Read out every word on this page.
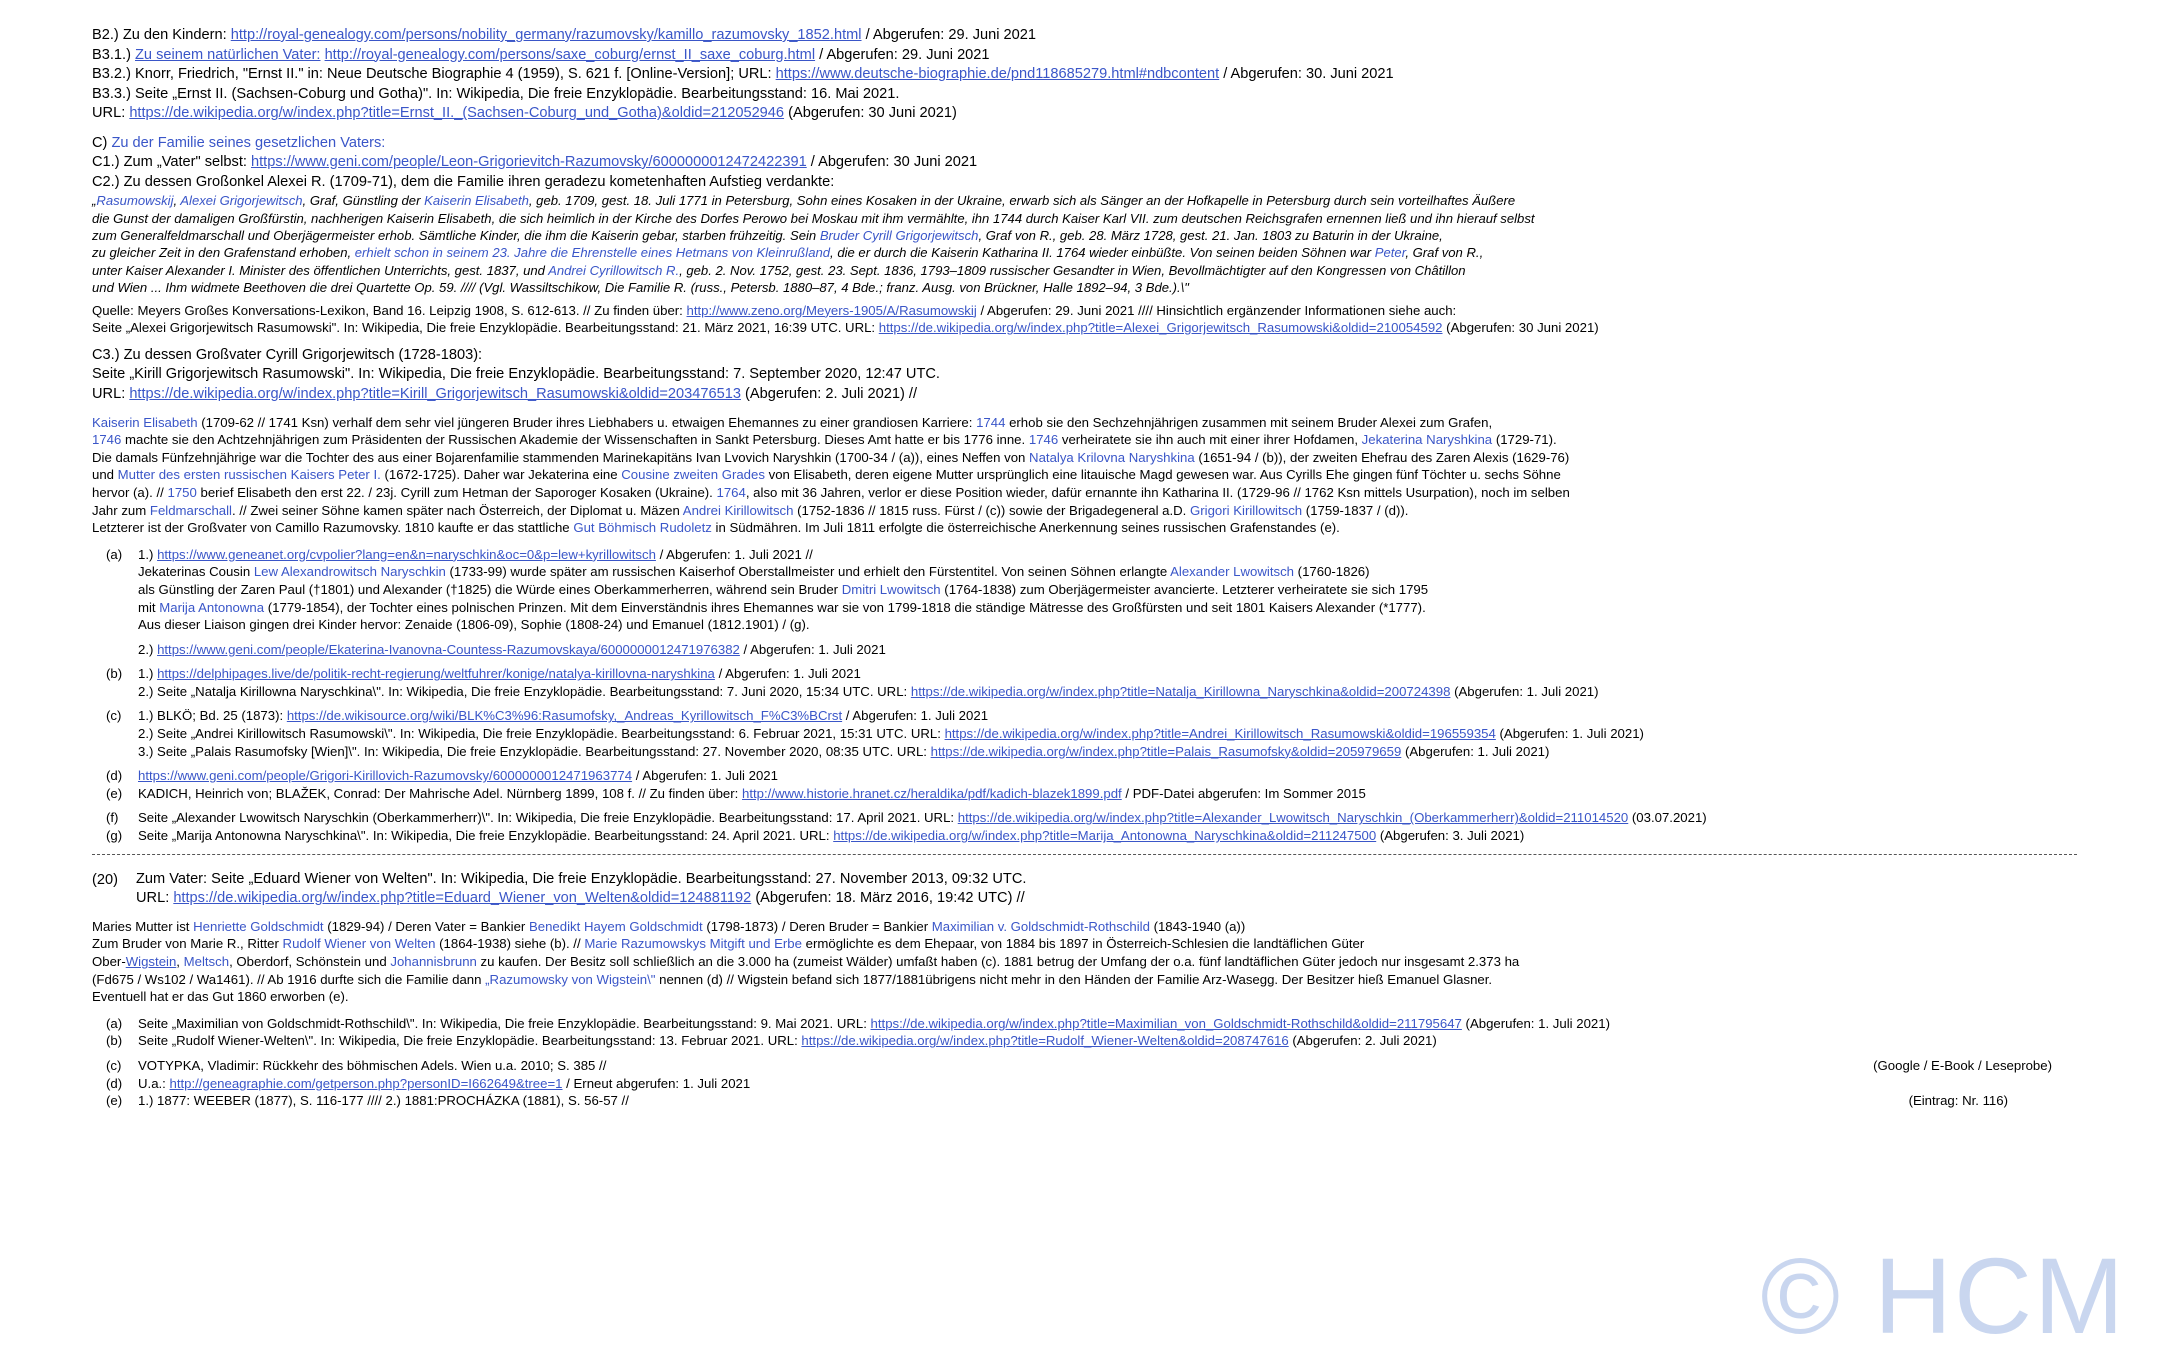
B2.) Zu den Kindern: http://royal-genealogy.com/persons/nobility_germany/razumovsky/kamillo_razumovsky_1852.html / Abgerufen: 29. Juni 2021
B3.1.) Zu seinem natürlichen Vater: http://royal-genealogy.com/persons/saxe_coburg/ernst_II_saxe_coburg.html / Abgerufen: 29. Juni 2021
B3.2.) Knorr, Friedrich, "Ernst II." in: Neue Deutsche Biographie 4 (1959), S. 621 f. [Online-Version]; URL: https://www.deutsche-biographie.de/pnd118685279.html#ndbcontent / Abgerufen: 30. Juni 2021
B3.3.) Seite „Ernst II. (Sachsen-Coburg und Gotha)". In: Wikipedia, Die freie Enzyklopädie. Bearbeitungsstand: 16. Mai 2021.
URL: https://de.wikipedia.org/w/index.php?title=Ernst_II._(Sachsen-Coburg_und_Gotha)&oldid=212052946 (Abgerufen: 30 Juni 2021)
C) Zu der Familie seines gesetzlichen Vaters:
C1.) Zum „Vater" selbst: https://www.geni.com/people/Leon-Grigorievitch-Razumovsky/6000000012472422391 / Abgerufen: 30 Juni 2021
C2.) Zu dessen Großonkel Alexei R. (1709-71), dem die Familie ihren geradezu kometenhaften Aufstieg verdankte:
„Rasumowskij, Alexei Grigorjewitsch, Graf, Günstling der Kaiserin Elisabeth, geb. 1709, gest. 18. Juli 1771 in Petersburg, Sohn eines Kosaken in der Ukraine, erwarb sich als Sänger an der Hofkapelle in Petersburg durch sein vorteilhaftes Äußere
die Gunst der damaligen Großfürstin, nachherigen Kaiserin Elisabeth, die sich heimlich in der Kirche des Dorfes Perowo bei Moskau mit ihm vermählte, ihn 1744 durch Kaiser Karl VII. zum deutschen Reichsgrafen ernennen ließ und ihn hierauf selbst
zum Generalfeldmarschall und Oberjägermeister erhob. Sämtliche Kinder, die ihm die Kaiserin gebar, starben frühzeitig. Sein Bruder Cyrill Grigorjewitsch, Graf von R., geb. 28. März 1728, gest. 21. Jan. 1803 zu Baturin in der Ukraine,
zu gleicher Zeit in den Grafenstand erhoben, erhielt schon in seinem 23. Jahre die Ehrenstelle eines Hetmans von Kleinrußland, die er durch die Kaiserin Katharina II. 1764 wieder einbüßte. Von seinen beiden Söhnen war Peter, Graf von R.,
unter Kaiser Alexander I. Minister des öffentlichen Unterrichts, gest. 1837, und Andrei Cyrillowitsch R., geb. 2. Nov. 1752, gest. 23. Sept. 1836, 1793–1809 russischer Gesandter in Wien, Bevollmächtigter auf den Kongressen von Châtillon
und Wien ... Ihm widmete Beethoven die drei Quartette Op. 59. //// (Vgl. Wassiltschikow, Die Familie R. (russ., Petersb. 1880–87, 4 Bde.; franz. Ausg. von Brückner, Halle 1892–94, 3 Bde.).\"
Quelle: Meyers Großes Konversations-Lexikon, Band 16. Leipzig 1908, S. 612-613. // Zu finden über: http://www.zeno.org/Meyers-1905/A/Rasumowskij / Abgerufen: 29. Juni 2021 //// Hinsichtlich ergänzender Informationen siehe auch:
Seite „Alexei Grigorjewitsch Rasumowski". In: Wikipedia, Die freie Enzyklopädie. Bearbeitungsstand: 21. März 2021, 16:39 UTC. URL: https://de.wikipedia.org/w/index.php?title=Alexei_Grigorjewitsch_Rasumowski&oldid=210054592 (Abgerufen: 30 Juni 2021)
C3.) Zu dessen Großvater Cyrill Grigorjewitsch (1728-1803):
Seite „Kirill Grigorjewitsch Rasumowski". In: Wikipedia, Die freie Enzyklopädie. Bearbeitungsstand: 7. September 2020, 12:47 UTC.
URL: https://de.wikipedia.org/w/index.php?title=Kirill_Grigorjewitsch_Rasumowski&oldid=203476513 (Abgerufen: 2. Juli 2021) //
Kaiserin Elisabeth (1709-62 // 1741 Ksn) verhalf dem sehr viel jüngeren Bruder ihres Liebhabers u. etwaigen Ehemannes zu einer grandiosen Karriere: 1744 erhob sie den Sechzehnjährigen zusammen mit seinem Bruder Alexei zum Grafen,
1746 machte sie den Achtzehnjährigen zum Präsidenten der Russischen Akademie der Wissenschaften in Sankt Petersburg. Dieses Amt hatte er bis 1776 inne. 1746 verheiratete sie ihn auch mit einer ihrer Hofdamen, Jekaterina Naryshkina (1729-71).
Die damals Fünfzehnjährige war die Tochter des aus einer Bojarenfamilie stammenden Marinekapitäns Ivan Lvovich Naryshkin (1700-34 / (a)), eines Neffen von Natalya Krilovna Naryshkina (1651-94 / (b)), der zweiten Ehefrau des Zaren Alexis (1629-76)
und Mutter des ersten russischen Kaisers Peter I. (1672-1725). Daher war Jekaterina eine Cousine zweiten Grades von Elisabeth, deren eigene Mutter ursprünglich eine litauische Magd gewesen war. Aus Cyrills Ehe gingen fünf Töchter u. sechs Söhne
hervor (a). // 1750 berief Elisabeth den erst 22. / 23j. Cyrill zum Hetman der Saporoger Kosaken (Ukraine). 1764, also mit 36 Jahren, verlor er diese Position wieder, dafür ernannte ihn Katharina II. (1729-96 // 1762 Ksn mittels Usurpation), noch im selben
Jahr zum Feldmarschall. // Zwei seiner Söhne kamen später nach Österreich, der Diplomat u. Mäzen Andrei Kirillowitsch (1752-1836 // 1815 russ. Fürst / (c)) sowie der Brigadegeneral a.D. Grigori Kirillowitsch (1759-1837 / (d)).
Letzterer ist der Großvater von Camillo Razumovsky. 1810 kaufte er das stattliche Gut Böhmisch Rudoletz in Südmähren. Im Juli 1811 erfolgte die österreichische Anerkennung seines russischen Grafenstandes (e).
(a)	1.) https://www.geneanet.org/cvpolier?lang=en&n=naryschkin&oc=0&p=lew+kyrillowitsch / Abgerufen: 1. Juli 2021 //
Jekaterinas Cousin Lew Alexandrowitsch Naryschkin (1733-99) wurde später am russischen Kaiserhof Oberstallmeister und erhielt den Fürstentitel. Von seinen Söhnen erlangte Alexander Lwowitsch (1760-1826)
als Günstling der Zaren Paul (†1801) und Alexander (†1825) die Würde eines Oberkammerherren, während sein Bruder Dmitri Lwowitsch (1764-1838) zum Oberjägermeister avancierte. Letzterer verheiratete sie sich 1795
mit Marija Antonowna (1779-1854), der Tochter eines polnischen Prinzen. Mit dem Einverständnis ihres Ehemannes war sie von 1799-1818 die ständige Mätresse des Großfürsten und seit 1801 Kaisers Alexander (*1777).
Aus dieser Liaison gingen drei Kinder hervor: Zenaide (1806-09), Sophie (1808-24) und Emanuel (1812.1901) / (g).
2.) https://www.geni.com/people/Ekaterina-Ivanovna-Countess-Razumovskaya/6000000012471976382 / Abgerufen: 1. Juli 2021
(b)	1.) https://delphipages.live/de/politik-recht-regierung/weltfuhrer/konige/natalya-kirillovna-naryshkina / Abgerufen: 1. Juli 2021
2.) Seite „Natalja Kirillowna Naryschkina\". In: Wikipedia, Die freie Enzyklopädie. Bearbeitungsstand: 7. Juni 2020, 15:34 UTC. URL: https://de.wikipedia.org/w/index.php?title=Natalja_Kirillowna_Naryschkina&oldid=200724398 (Abgerufen: 1. Juli 2021)
(c)	1.) BLKÖ; Bd. 25 (1873): https://de.wikisource.org/wiki/BLK%C3%96:Rasumofsky,_Andreas_Kyrillowitsch_F%C3%BCrst / Abgerufen: 1. Juli 2021
2.) Seite „Andrei Kirillowitsch Rasumowski\". In: Wikipedia, Die freie Enzyklopädie. Bearbeitungsstand: 6. Februar 2021, 15:31 UTC. URL: https://de.wikipedia.org/w/index.php?title=Andrei_Kirillowitsch_Rasumowski&oldid=196559354 (Abgerufen: 1. Juli 2021)
3.) Seite „Palais Rasumofsky [Wien]\". In: Wikipedia, Die freie Enzyklopädie. Bearbeitungsstand: 27. November 2020, 08:35 UTC. URL: https://de.wikipedia.org/w/index.php?title=Palais_Rasumofsky&oldid=205979659 (Abgerufen: 1. Juli 2021)
(d)	https://www.geni.com/people/Grigori-Kirillovich-Razumovsky/6000000012471963774 / Abgerufen: 1. Juli 2021
(e)	KADICH, Heinrich von; BLAŽEK, Conrad: Der Mahrische Adel. Nürnberg 1899, 108 f. // Zu finden über: http://www.historie.hranet.cz/heraldika/pdf/kadich-blazek1899.pdf / PDF-Datei abgerufen: Im Sommer 2015
(f)	Seite „Alexander Lwowitsch Naryschkin (Oberkammerherr)\". In: Wikipedia, Die freie Enzyklopädie. Bearbeitungsstand: 17. April 2021. URL: https://de.wikipedia.org/w/index.php?title=Alexander_Lwowitsch_Naryschkin_(Oberkammerherr)&oldid=211014520 (03.07.2021)
(g)	Seite „Marija Antonowna Naryschkina\". In: Wikipedia, Die freie Enzyklopädie. Bearbeitungsstand: 24. April 2021. URL: https://de.wikipedia.org/w/index.php?title=Marija_Antonowna_Naryschkina&oldid=211247500 (Abgerufen: 3. Juli 2021)
(20)	Zum Vater: Seite „Eduard Wiener von Welten". In: Wikipedia, Die freie Enzyklopädie. Bearbeitungsstand: 27. November 2013, 09:32 UTC.
URL: https://de.wikipedia.org/w/index.php?title=Eduard_Wiener_von_Welten&oldid=124881192 (Abgerufen: 18. März 2016, 19:42 UTC) //
Maries Mutter ist Henriette Goldschmidt (1829-94) / Deren Vater = Bankier Benedikt Hayem Goldschmidt (1798-1873) / Deren Bruder = Bankier Maximilian v. Goldschmidt-Rothschild (1843-1940 (a))
Zum Bruder von Marie R., Ritter Rudolf Wiener von Welten (1864-1938) siehe (b). // Marie Razumowskys Mitgift und Erbe ermöglichte es dem Ehepaar, von 1884 bis 1897 in Österreich-Schlesien die landtäflichen Güter
Ober-Wigstein, Meltsch, Oberdorf, Schönstein und Johannisbrunn zu kaufen. Der Besitz soll schließlich an die 3.000 ha (zumeist Wälder) umfaßt haben (c). 1881 betrug der Umfang der o.a. fünf landtäflichen Güter jedoch nur insgesamt 2.373 ha
(Fd675 / Ws102 / Wa1461). // Ab 1916 durfte sich die Familie dann „Razumowsky von Wigstein\" nennen (d) // Wigstein befand sich 1877/1881übrigens nicht mehr in den Händen der Familie Arz-Wasegg. Der Besitzer hieß Emanuel Glasner.
Eventuell hat er das Gut 1860 erworben (e).
(a)	Seite „Maximilian von Goldschmidt-Rothschild\". In: Wikipedia, Die freie Enzyklopädie. Bearbeitungsstand: 9. Mai 2021. URL: https://de.wikipedia.org/w/index.php?title=Maximilian_von_Goldschmidt-Rothschild&oldid=211795647 (Abgerufen: 1. Juli 2021)
(b)	Seite „Rudolf Wiener-Welten\". In: Wikipedia, Die freie Enzyklopädie. Bearbeitungsstand: 13. Februar 2021. URL: https://de.wikipedia.org/w/index.php?title=Rudolf_Wiener-Welten&oldid=208747616 (Abgerufen: 2. Juli 2021)
(c)	VOTYPKA, Vladimir: Rückkehr des böhmischen Adels. Wien u.a. 2010; S. 385 //	(Google / E-Book / Leseprobe)
(d)	U.a.: http://geneagraphie.com/getperson.php?personID=I662649&tree=1 / Erneut abgerufen: 1. Juli 2021
(e)	1.) 1877: WEEBER (1877), S. 116-177 //// 2.) 1881:PROCHÁZKA (1881), S. 56-57 //	(Eintrag: Nr. 116)
© HCM
